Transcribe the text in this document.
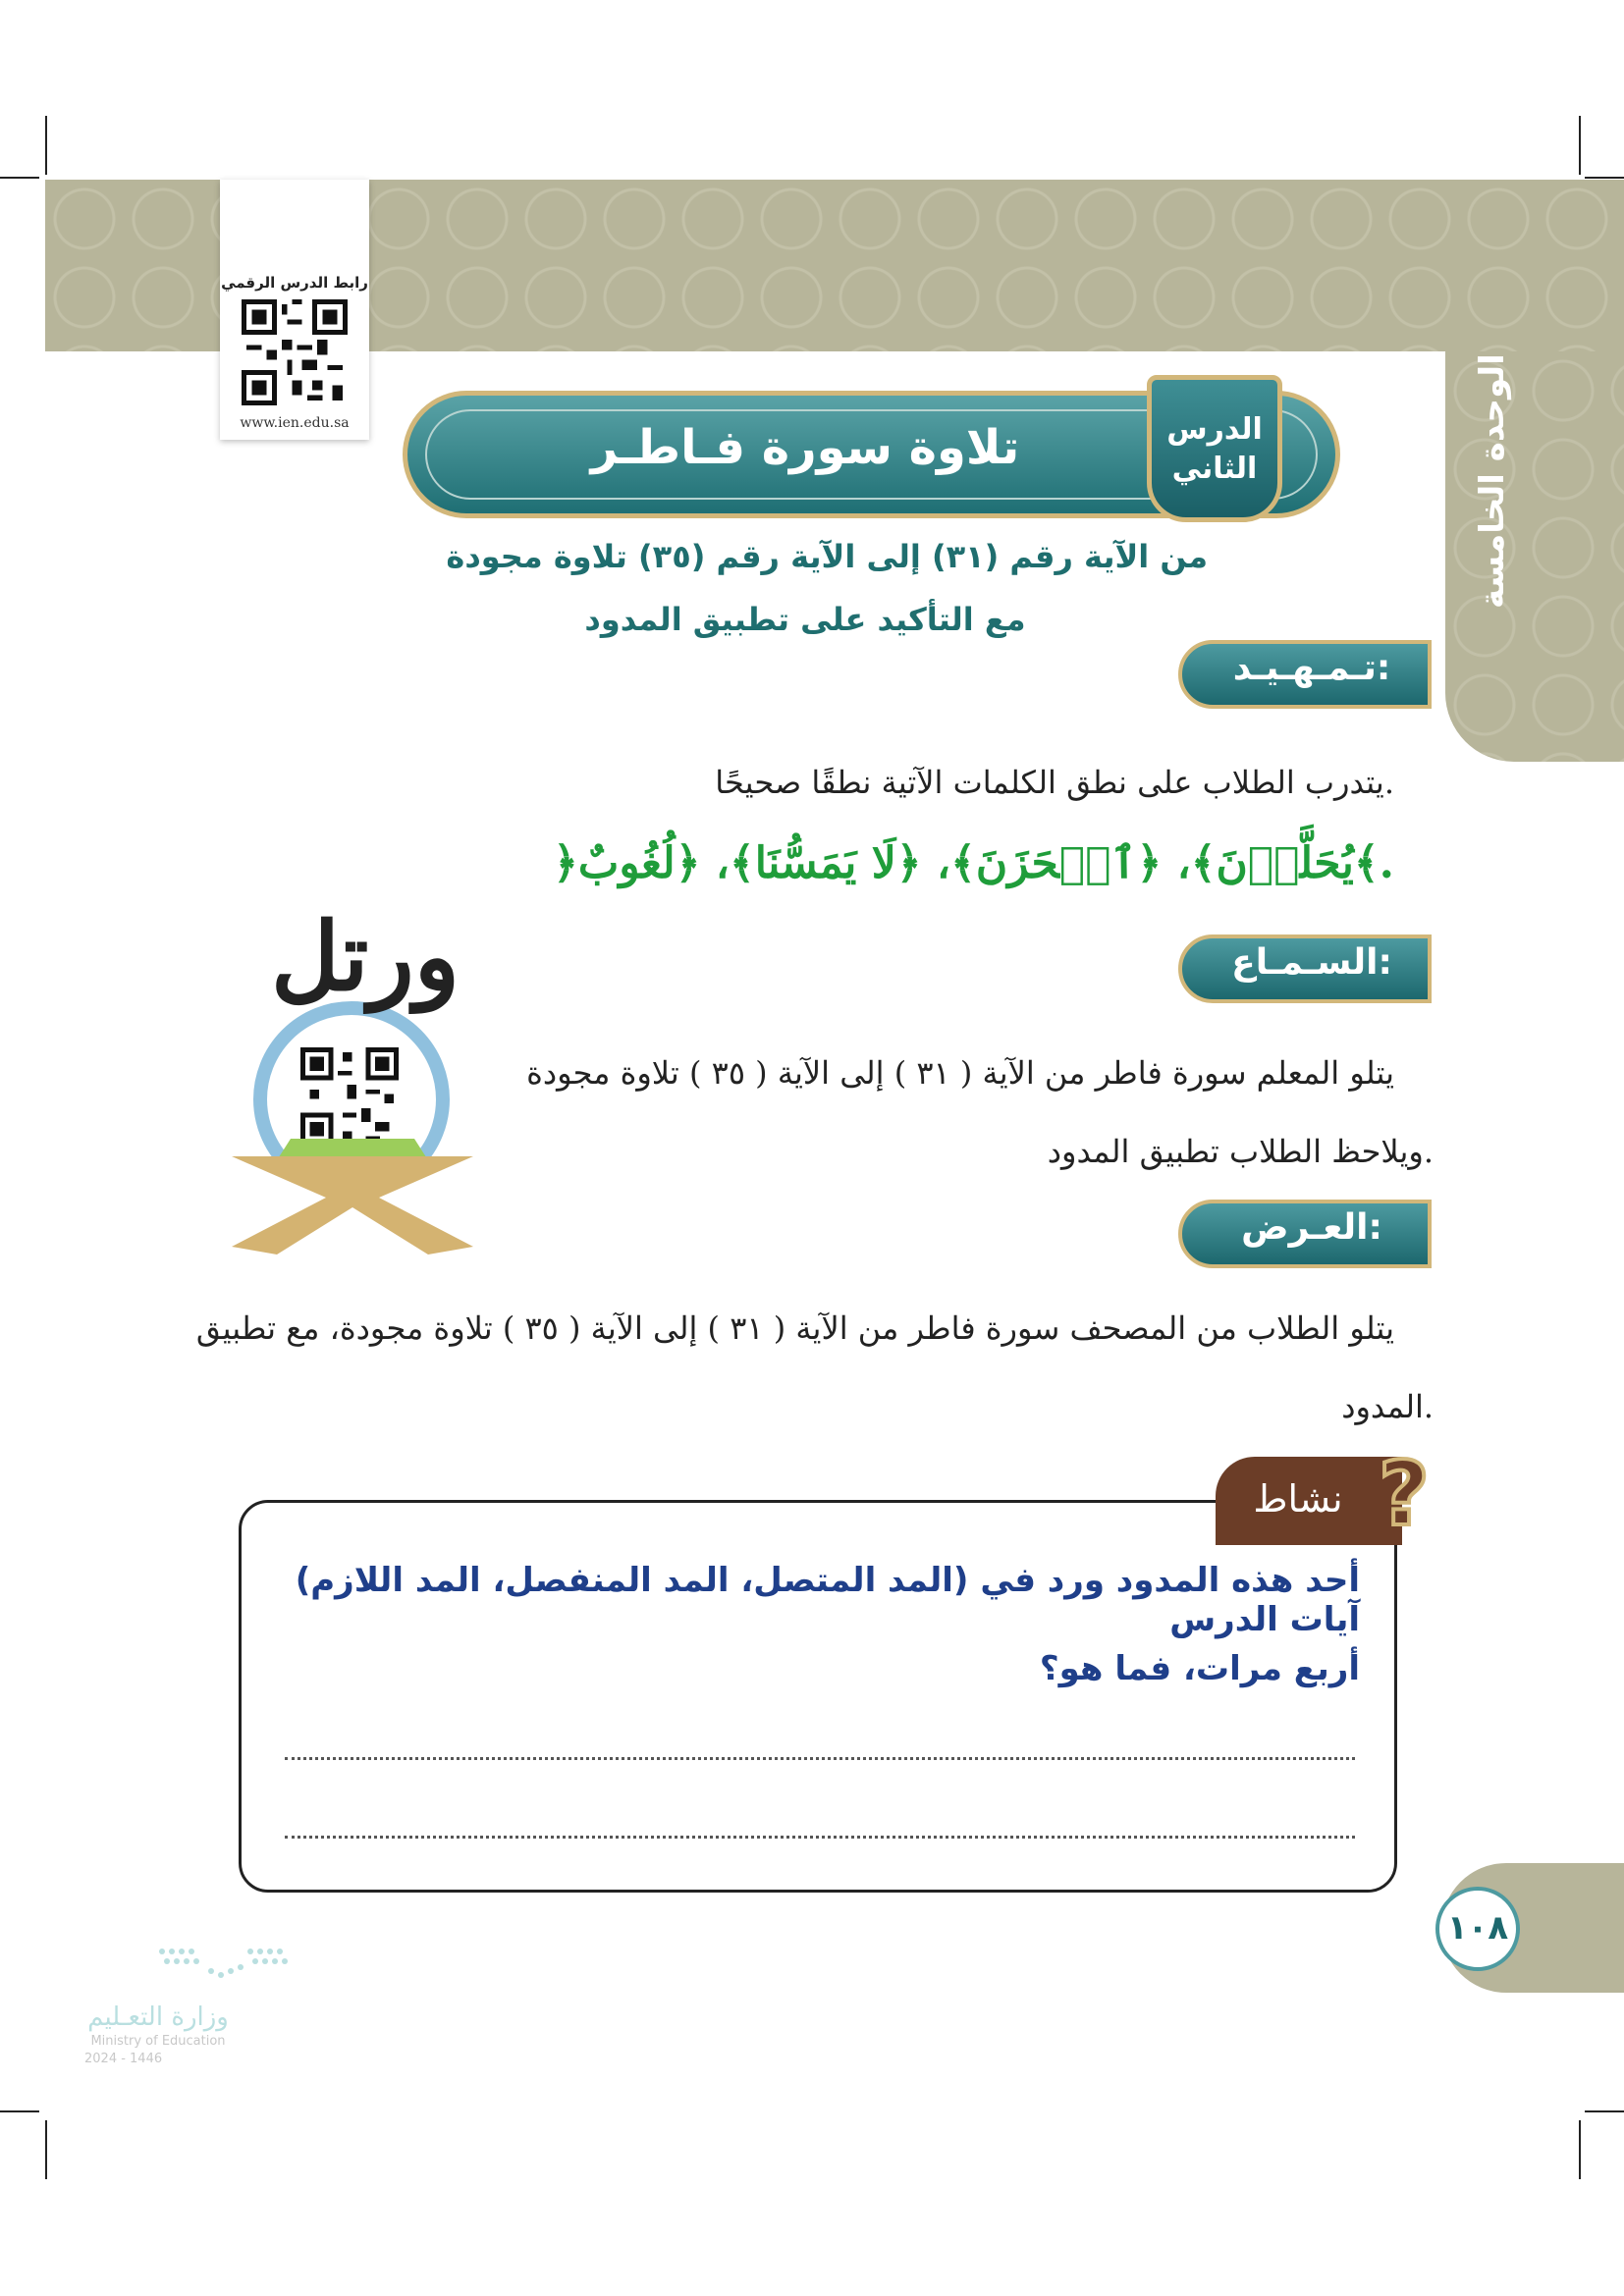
الوحدة الخامسة
رابط الدرس الرقمي
www.ien.edu.sa	تلاوة سورة فـاطـر	الدرس
الثاني
من الآية رقم (٣١) إلى الآية رقم (٣٥) تلاوة مجودة
مع التأكيد على تطبيق المدود
تـمـهـيـد:
يتدرب الطلاب على نطق الكلمات الآتية نطقًا صحيحًا.
﴿يُحَلَّوۡنَ﴾، ﴿ٱلۡحَزَنَ﴾، ﴿لَا يَمَسُّنَا﴾، ﴿لُغُوبٌ﴾.
السـمـاع:
يتلو المعلم سورة فاطر من الآية ( ٣١ ) إلى الآية ( ٣٥ ) تلاوة مجودة
ويلاحظ الطلاب تطبيق المدود.
ورتل
العـرض:
يتلو الطلاب من المصحف سورة فاطر من الآية ( ٣١ ) إلى الآية ( ٣٥ ) تلاوة مجودة، مع تطبيق
المدود.
نشاط ?
(المد المتصل، المد المنفصل، المد اللازم) أحد هذه المدود ورد في آيات الدرس
أربع مرات، فما هو؟
١٠٨
وزارة التعـليم
Ministry of Education
2024 - 1446
